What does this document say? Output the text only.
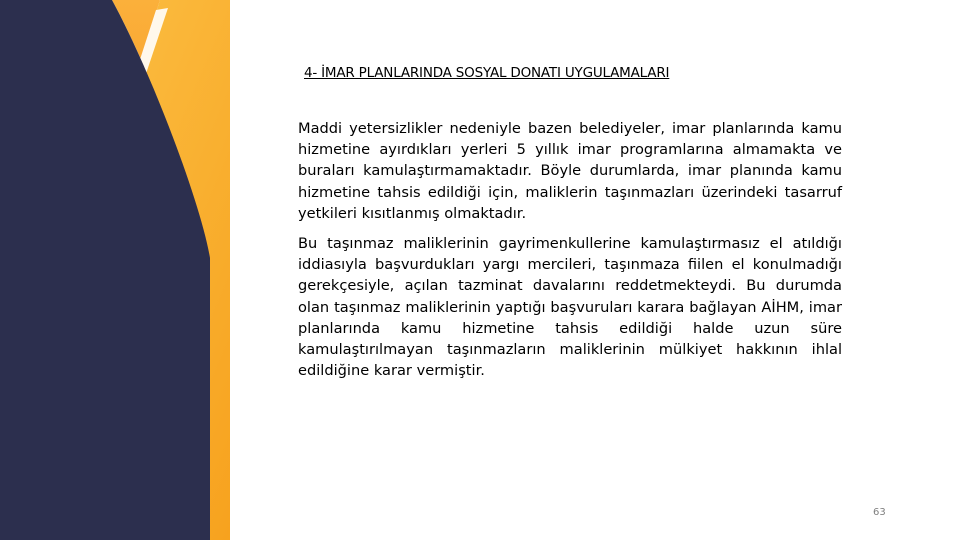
4- İMAR PLANLARINDA SOSYAL DONATI UYGULAMALARI

Maddi yetersizlikler nedeniyle bazen belediyeler, imar planlarında kamu hizmetine ayırdıkları yerleri 5 yıllık imar programlarına almamakta ve buraları kamulaştırmamaktadır. Böyle durumlarda, imar planında kamu hizmetine tahsis edildiği için, maliklerin taşınmazları üzerindeki tasarruf yetkileri kısıtlanmış olmaktadır.

Bu taşınmaz maliklerinin gayrimenkullerine kamulaştırmasız el atıldığı iddiasıyla başvurdukları yargı mercileri, taşınmaza fiilen el konulmadığı gerekçesiyle, açılan tazminat davalarını reddetmekteydi. Bu durumda olan taşınmaz maliklerinin yaptığı başvuruları karara bağlayan AİHM, imar planlarında kamu hizmetine tahsis edildiği halde uzun süre kamulaştırılmayan taşınmazların maliklerinin mülkiyet hakkının ihlal edildiğine karar vermiştir.

63
